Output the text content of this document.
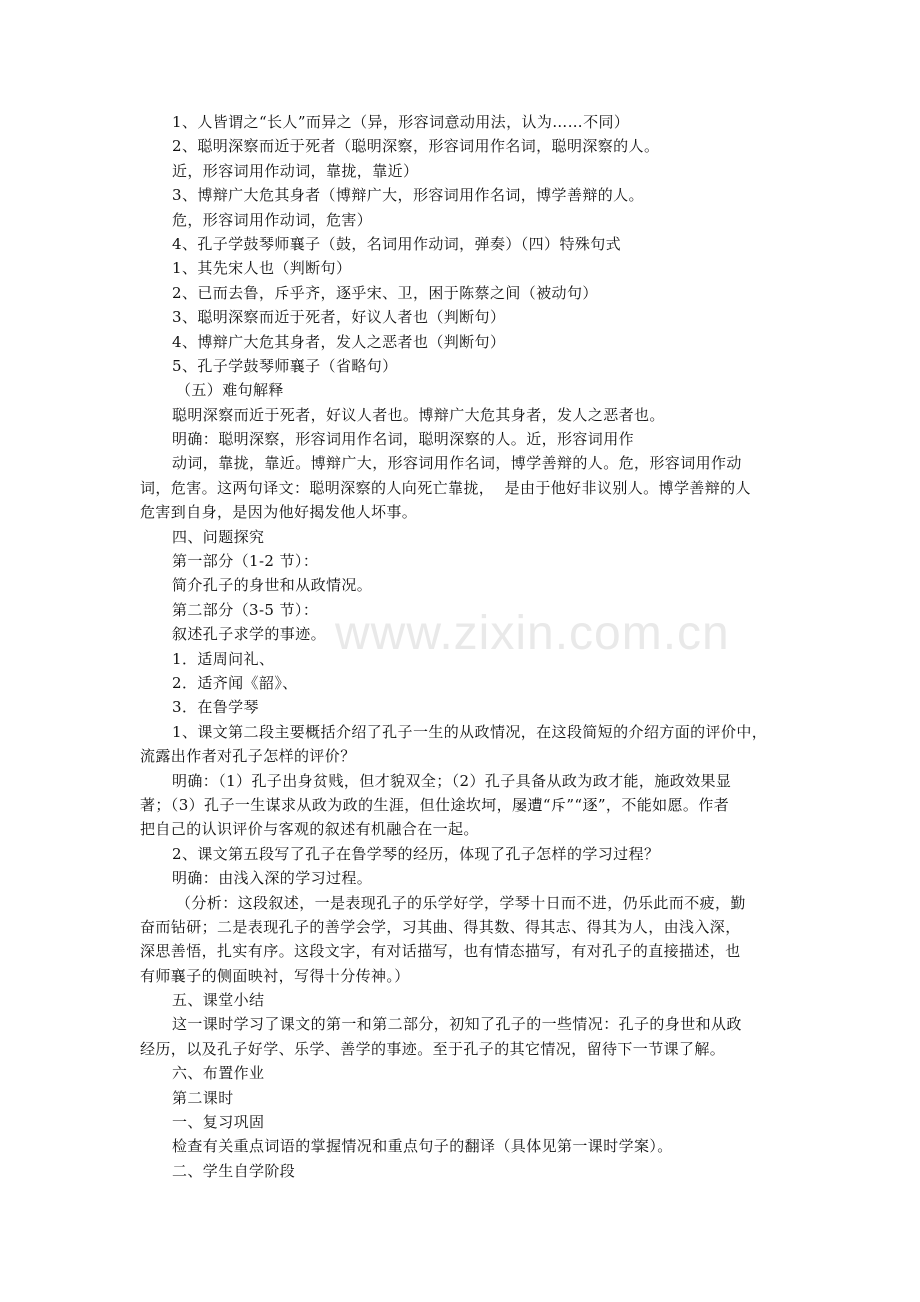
www.zixin.com.cn
1、人皆谓之“长人”而异之（异，形容词意动用法，认为……不同）
2、聪明深察而近于死者（聪明深察，形容词用作名词，聪明深察的人。
近，形容词用作动词，靠拢，靠近）
3、博辩广大危其身者（博辩广大，形容词用作名词，博学善辩的人。
危，形容词用作动词，危害）
4、孔子学鼓琴师襄子（鼓，名词用作动词，弹奏）（四）特殊句式
1、其先宋人也（判断句）
2、已而去鲁，斥乎齐，逐乎宋、卫，困于陈蔡之间（被动句）
3、聪明深察而近于死者，好议人者也（判断句）
4、博辩广大危其身者，发人之恶者也（判断句）
5、孔子学鼓琴师襄子（省略句）
（五）难句解释
聪明深察而近于死者，好议人者也。博辩广大危其身者，发人之恶者也。
明确：聪明深察，形容词用作名词，聪明深察的人。近，形容词用作
动词，靠拢，靠近。博辩广大，形容词用作名词，博学善辩的人。危，形容词用作动
词，危害。这两句译文：聪明深察的人向死亡靠拢，  是由于他好非议别人。博学善辩的人
危害到自身，是因为他好揭发他人坏事。
四、问题探究
第一部分（1-2 节）：
简介孔子的身世和从政情况。
第二部分（3-5 节）：
叙述孔子求学的事迹。
1．适周问礼、
2．适齐闻《韶》、
3．在鲁学琴
1、课文第二段主要概括介绍了孔子一生的从政情况，在这段简短的介绍方面的评价中，
流露出作者对孔子怎样的评价？
明确：（1）孔子出身贫贱，但才貌双全；（2）孔子具备从政为政才能，施政效果显
著；（3）孔子一生谋求从政为政的生涯，但仕途坎坷，屡遭“斥”“逐”，不能如愿。作者
把自己的认识评价与客观的叙述有机融合在一起。
2、课文第五段写了孔子在鲁学琴的经历，体现了孔子怎样的学习过程？
明确：由浅入深的学习过程。
（分析：这段叙述，一是表现孔子的乐学好学，学琴十日而不进，仍乐此而不疲，勤
奋而钻研；二是表现孔子的善学会学，习其曲、得其数、得其志、得其为人，由浅入深，
深思善悟，扎实有序。这段文字，有对话描写，也有情态描写，有对孔子的直接描述，也
有师襄子的侧面映衬，写得十分传神。）
五、课堂小结
这一课时学习了课文的第一和第二部分，初知了孔子的一些情况：孔子的身世和从政
经历，以及孔子好学、乐学、善学的事迹。至于孔子的其它情况，留待下一节课了解。
六、布置作业
第二课时
一、复习巩固
检查有关重点词语的掌握情况和重点句子的翻译（具体见第一课时学案）。
二、学生自学阶段
